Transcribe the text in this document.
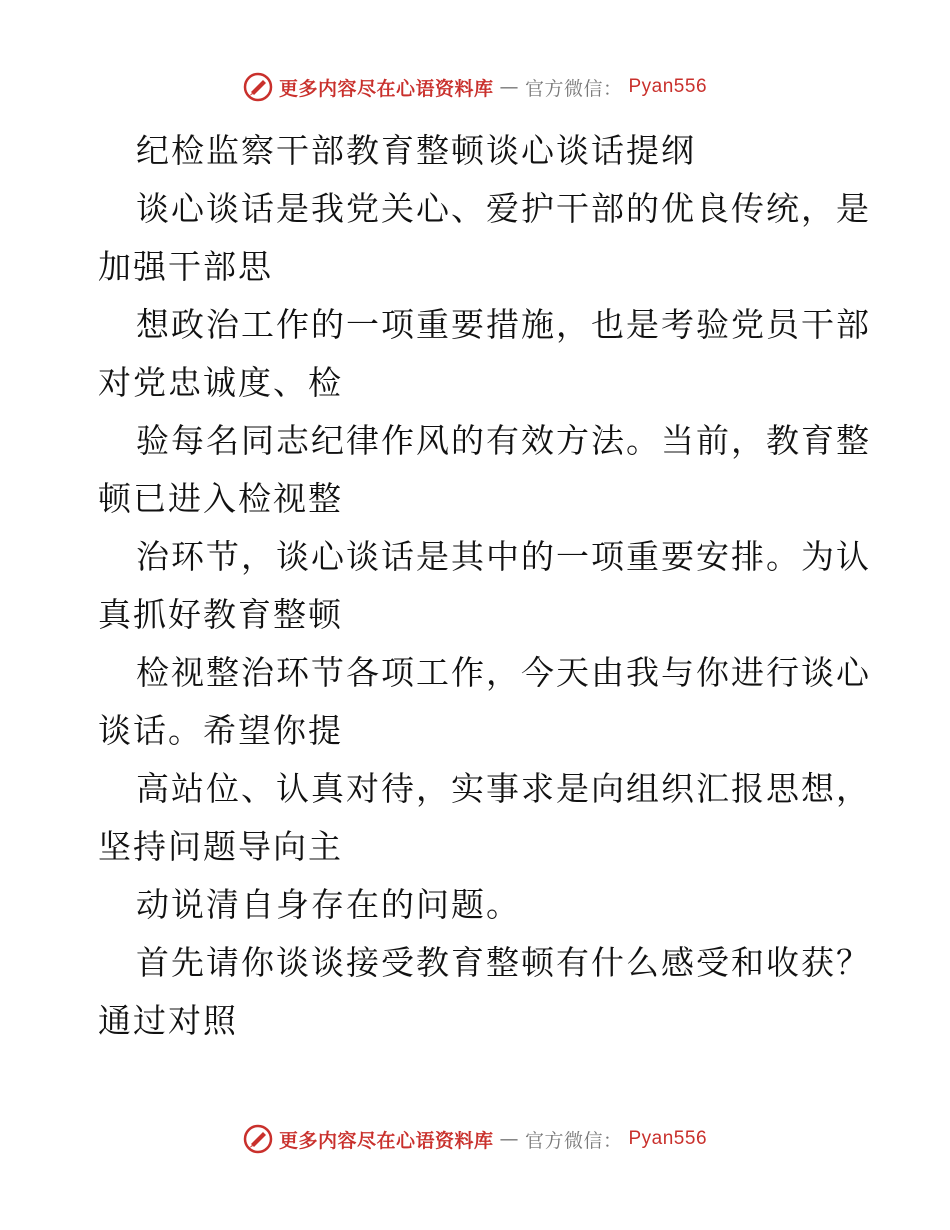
更多内容尽在心语资料库 — 官方微信： Pyan556
纪检监察干部教育整顿谈心谈话提纲
谈心谈话是我党关心、爱护干部的优良传统，是
加强干部思
想政治工作的一项重要措施，也是考验党员干部
对党忠诚度、检
验每名同志纪律作风的有效方法。当前，教育整
顿已进入检视整
治环节，谈心谈话是其中的一项重要安排。为认
真抓好教育整顿
检视整治环节各项工作，今天由我与你进行谈心
谈话。希望你提
高站位、认真对待，实事求是向组织汇报思想，
坚持问题导向主
动说清自身存在的问题。
首先请你谈谈接受教育整顿有什么感受和收获？
通过对照
更多内容尽在心语资料库 — 官方微信： Pyan556
